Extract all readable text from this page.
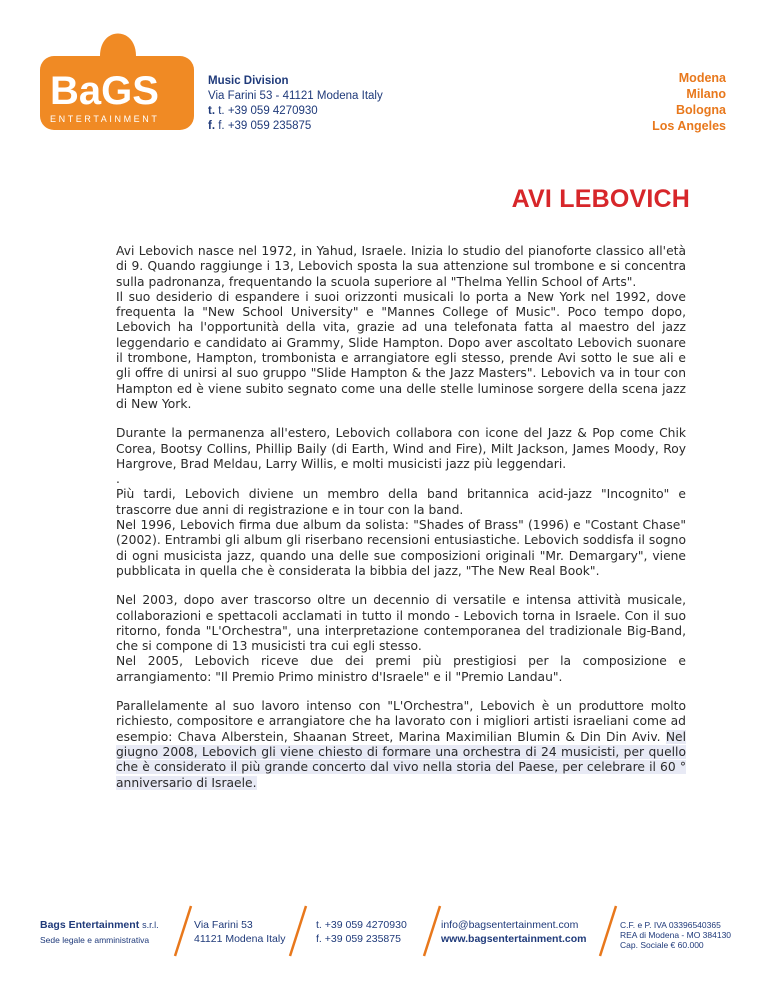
BaGS
ENTERTAINMENT
Music Division
Via Farini 53 - 41121 Modena Italy
t. t. +39 059 4270930
f. f. +39 059 235875
Modena
Milano
Bologna
Los Angeles
AVI LEBOVICH

Avi Lebovich nasce nel 1972, in Yahud, Israele. Inizia lo studio del pianoforte classico all'età di 9. Quando raggiunge i 13, Lebovich sposta la sua attenzione sul trombone e si concentra sulla padronanza, frequentando la scuola superiore al "Thelma Yellin School of Arts".
Il suo desiderio di espandere i suoi orizzonti musicali lo porta a New York nel 1992, dove frequenta la "New School University" e "Mannes College of Music". Poco tempo dopo, Lebovich ha l'opportunità della vita, grazie ad una telefonata fatta al maestro del jazz leggendario e candidato ai Grammy, Slide Hampton. Dopo aver ascoltato Lebovich suonare il trombone, Hampton, trombonista e arrangiatore egli stesso, prende Avi sotto le sue ali e gli offre di unirsi al suo gruppo "Slide Hampton & the Jazz Masters". Lebovich va in tour con Hampton ed è viene subito segnato come una delle stelle luminose sorgere della scena jazz di New York.

Durante la permanenza all'estero, Lebovich collabora con icone del Jazz & Pop come Chik Corea, Bootsy Collins, Phillip Baily (di Earth, Wind and Fire), Milt Jackson, James Moody, Roy Hargrove, Brad Meldau, Larry Willis, e molti musicisti jazz più leggendari.
.
Più tardi, Lebovich diviene un membro della band britannica acid-jazz "Incognito" e trascorre due anni di registrazione e in tour con la band.
Nel 1996, Lebovich firma due album da solista: "Shades of Brass" (1996) e "Costant Chase" (2002). Entrambi gli album gli riserbano recensioni entusiastiche. Lebovich soddisfa il sogno di ogni musicista jazz, quando una delle sue composizioni originali "Mr. Demargary", viene pubblicata in quella che è considerata la bibbia del jazz, "The New Real Book".

Nel 2003, dopo aver trascorso oltre un decennio di versatile e intensa attività musicale, collaborazioni e spettacoli acclamati in tutto il mondo - Lebovich torna in Israele. Con il suo ritorno, fonda "L'Orchestra", una interpretazione contemporanea del tradizionale Big-Band, che si compone di 13 musicisti tra cui egli stesso.
Nel 2005, Lebovich riceve due dei premi più prestigiosi per la composizione e arrangiamento: "Il Premio Primo ministro d'Israele" e il "Premio Landau".

Parallelamente al suo lavoro intenso con "L'Orchestra", Lebovich è un produttore molto richiesto, compositore e arrangiatore che ha lavorato con i migliori artisti israeliani come ad esempio: Chava Alberstein, Shaanan Street, Marina Maximilian Blumin & Din Din Aviv. Nel giugno 2008, Lebovich gli viene chiesto di formare una orchestra di 24 musicisti, per quello che è considerato il più grande concerto dal vivo nella storia del Paese, per celebrare il 60 ° anniversario di Israele.

Bags Entertainment s.r.l.
Sede legale e amministrativa
Via Farini 53
41121 Modena Italy
t. +39 059 4270930
f. +39 059 235875
info@bagsentertainment.com
www.bagsentertainment.com
C.F. e P. IVA 03396540365
REA di Modena - MO 384130
Cap. Sociale € 60.000
